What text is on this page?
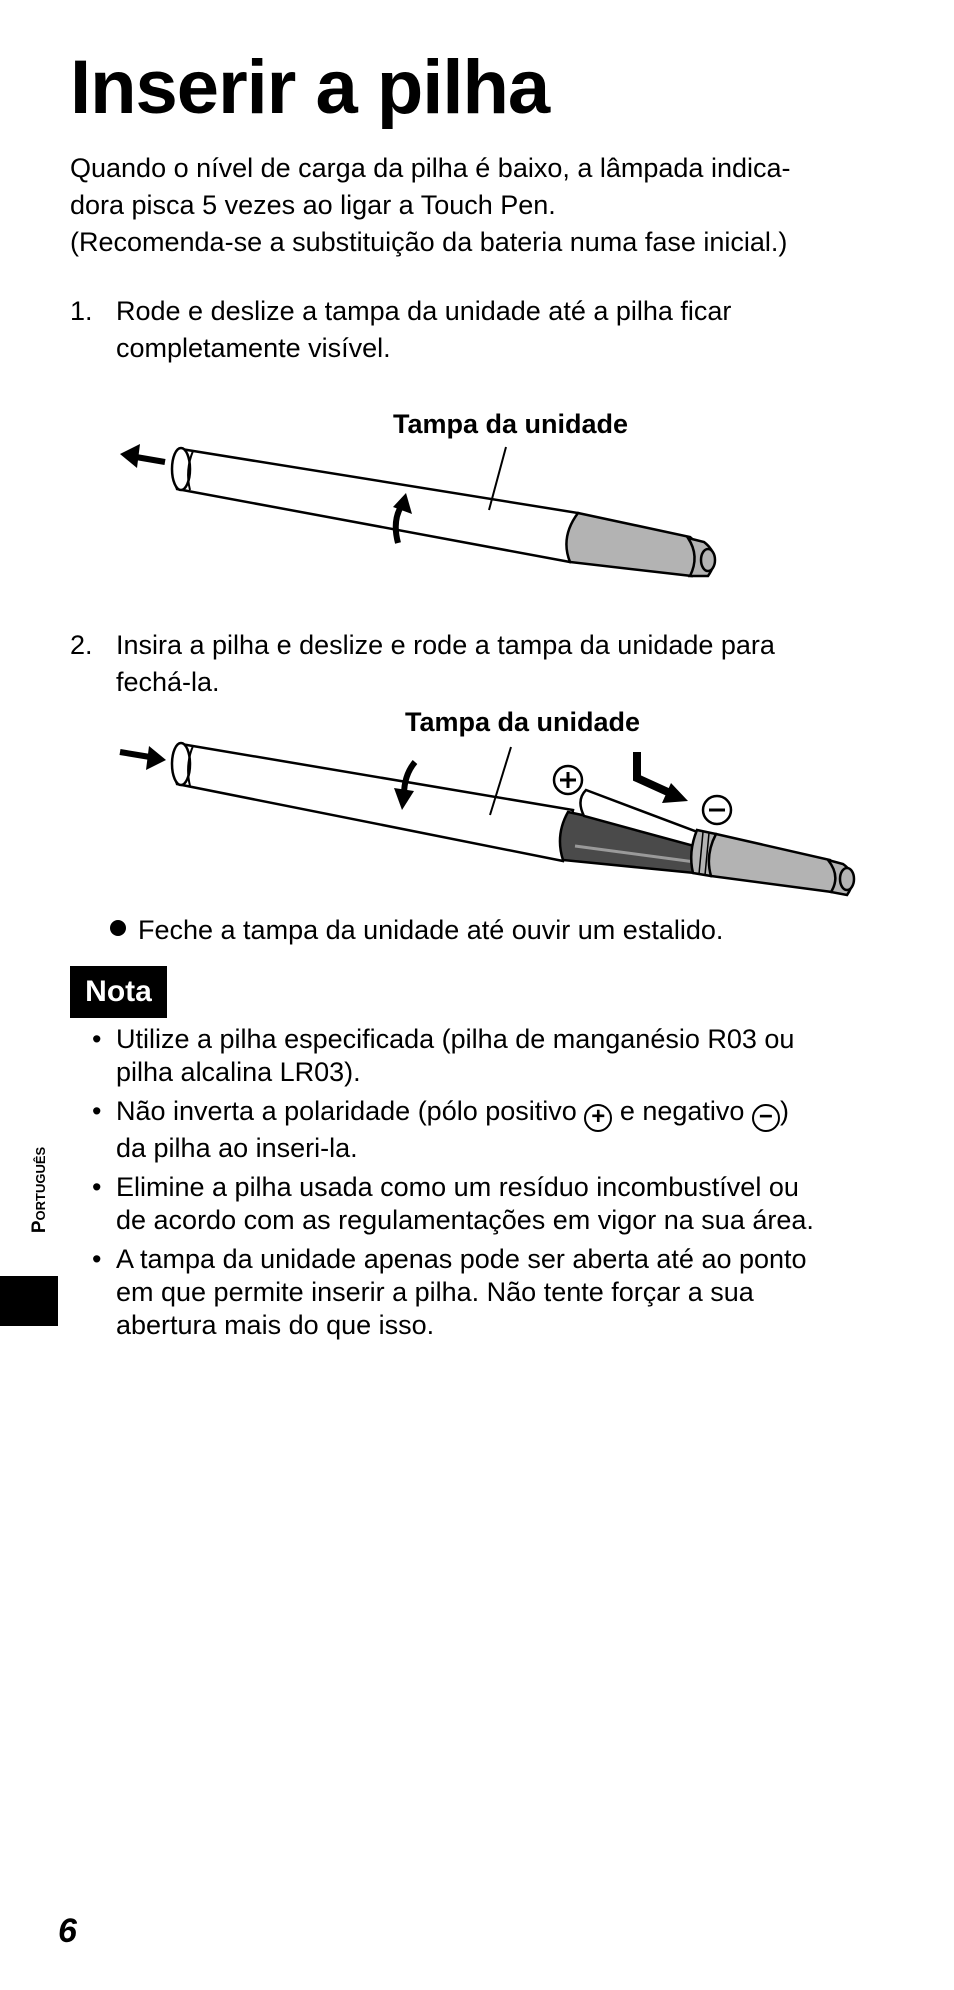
Inserir a pilha
Quando o nível de carga da pilha é baixo, a lâmpada indica-
dora pisca 5 vezes ao ligar a Touch Pen.
(Recomenda-se a substituição da bateria numa fase inicial.)
1. Rode e deslize a tampa da unidade até a pilha ficar
completamente visível.
Tampa da unidade
2. Insira a pilha e deslize e rode a tampa da unidade para
fechá-la.
Tampa da unidade
Feche a tampa da unidade até ouvir um estalido.
Nota
• Utilize a pilha especificada (pilha de manganésio R03 ou
pilha alcalina LR03).
• Não inverta a polaridade (pólo positivo + e negativo − )
da pilha ao inseri-la.
• Elimine a pilha usada como um resíduo incombustível ou
de acordo com as regulamentações em vigor na sua área.
• A tampa da unidade apenas pode ser aberta até ao ponto
em que permite inserir a pilha. Não tente forçar a sua
abertura mais do que isso.
Português
6
